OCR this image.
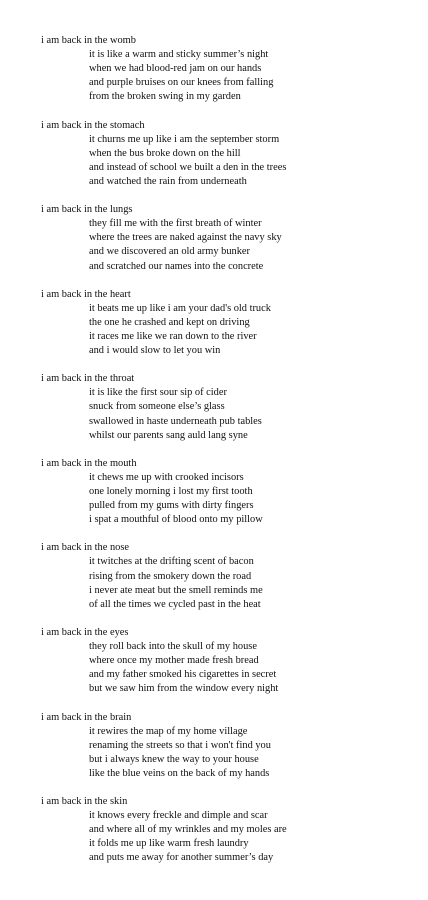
i am back in the womb
it is like a warm and sticky summer’s night
when we had blood-red jam on our hands
and purple bruises on our knees from falling
from the broken swing in my garden
i am back in the stomach
it churns me up like i am the september storm
when the bus broke down on the hill
and instead of school we built a den in the trees
and watched the rain from underneath
i am back in the lungs
they fill me with the first breath of winter
where the trees are naked against the navy sky
and we discovered an old army bunker
and scratched our names into the concrete
i am back in the heart
it beats me up like i am your dad's old truck
the one he crashed and kept on driving
it races me like we ran down to the river
and i would slow to let you win
i am back in the throat
it is like the first sour sip of cider
snuck from someone else’s glass
swallowed in haste underneath pub tables
whilst our parents sang auld lang syne
i am back in the mouth
it chews me up with crooked incisors
one lonely morning i lost my first tooth
pulled from my gums with dirty fingers
i spat a mouthful of blood onto my pillow
i am back in the nose
it twitches at the drifting scent of bacon
rising from the smokery down the road
i never ate meat but the smell reminds me
of all the times we cycled past in the heat
i am back in the eyes
they roll back into the skull of my house
where once my mother made fresh bread
and my father smoked his cigarettes in secret
but we saw him from the window every night
i am back in the brain
it rewires the map of my home village
renaming the streets so that i won't find you
but i always knew the way to your house
like the blue veins on the back of my hands
i am back in the skin
it knows every freckle and dimple and scar
and where all of my wrinkles and my moles are
it folds me up like warm fresh laundry
and puts me away for another summer’s day
